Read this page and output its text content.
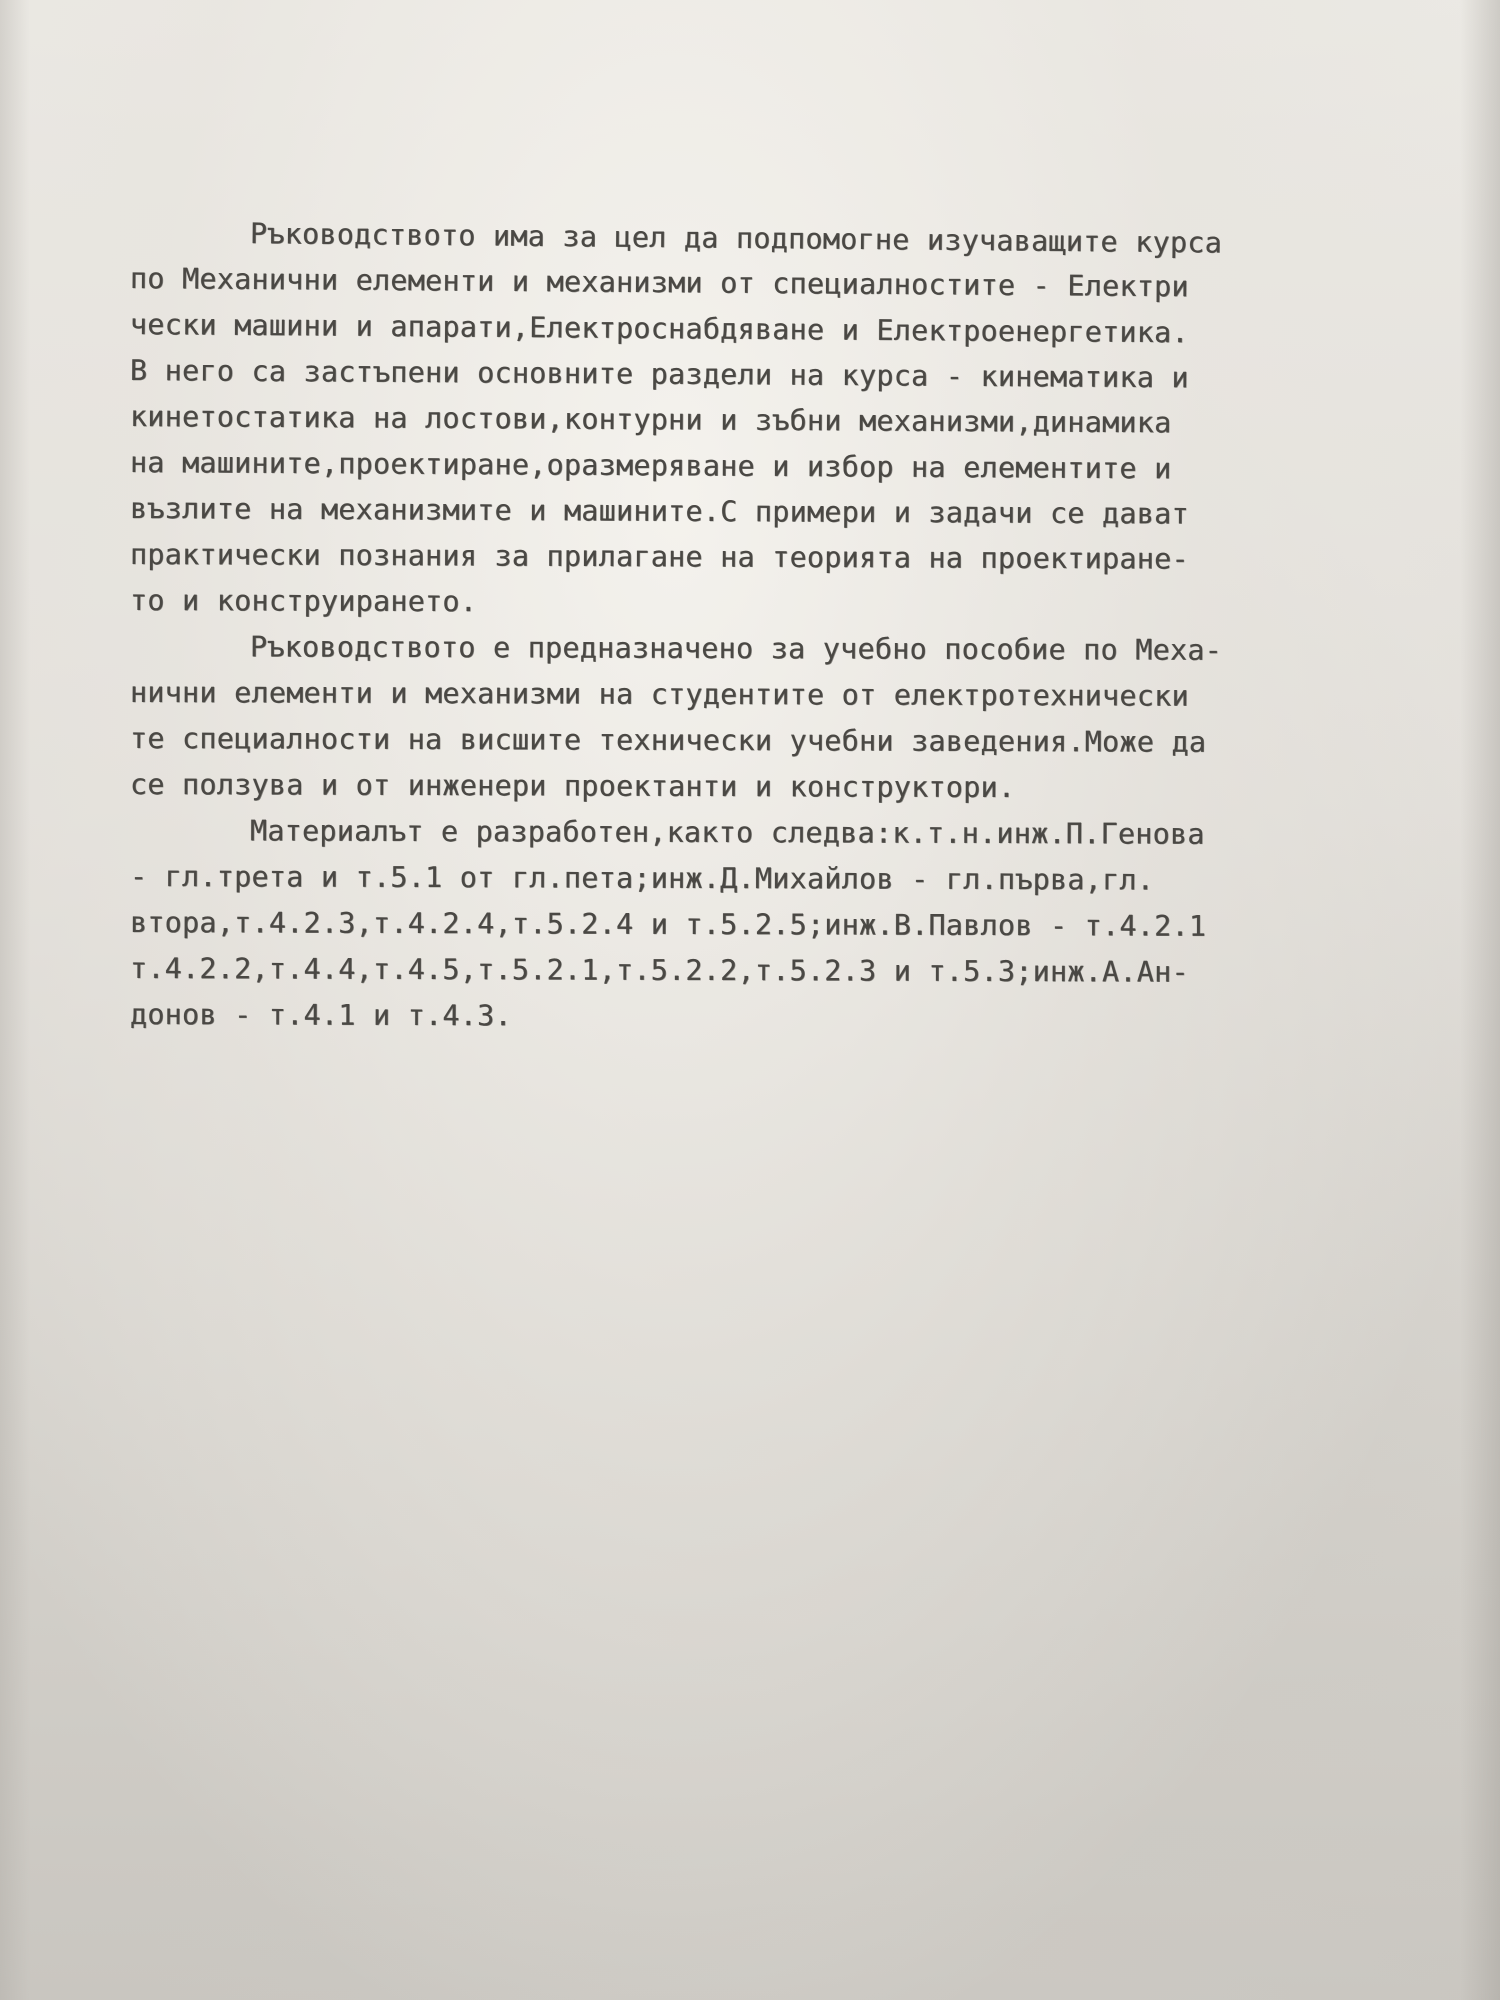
Ръководството има за цел да подпомогне изучаващите курса
по Механични елементи и механизми от специалностите - Електри
чески машини и апарати,Електроснабдяване и Електроенергетика.
В него са застъпени основните раздели на курса - кинематика и
кинетостатика на лостови,контурни и зъбни механизми,динамика
на машините,проектиране,оразмеряване и избор на елементите и
възлите на механизмите и машините.С примери и задачи се дават
практически познания за прилагане на теорията на проектиране-
то и конструирането.
Ръководството е предназначено за учебно пособие по Меха-
нични елементи и механизми на студентите от електротехнически
те специалности на висшите технически учебни заведения.Може да
се ползува и от инженери проектанти и конструктори.
Материалът е разработен,както следва:к.т.н.инж.П.Генова
- гл.трета и т.5.1 от гл.пета;инж.Д.Михайлов - гл.първа,гл.
втора,т.4.2.3,т.4.2.4,т.5.2.4 и т.5.2.5;инж.В.Павлов - т.4.2.1
т.4.2.2,т.4.4,т.4.5,т.5.2.1,т.5.2.2,т.5.2.3 и т.5.3;инж.А.Ан-
донов - т.4.1 и т.4.3.
